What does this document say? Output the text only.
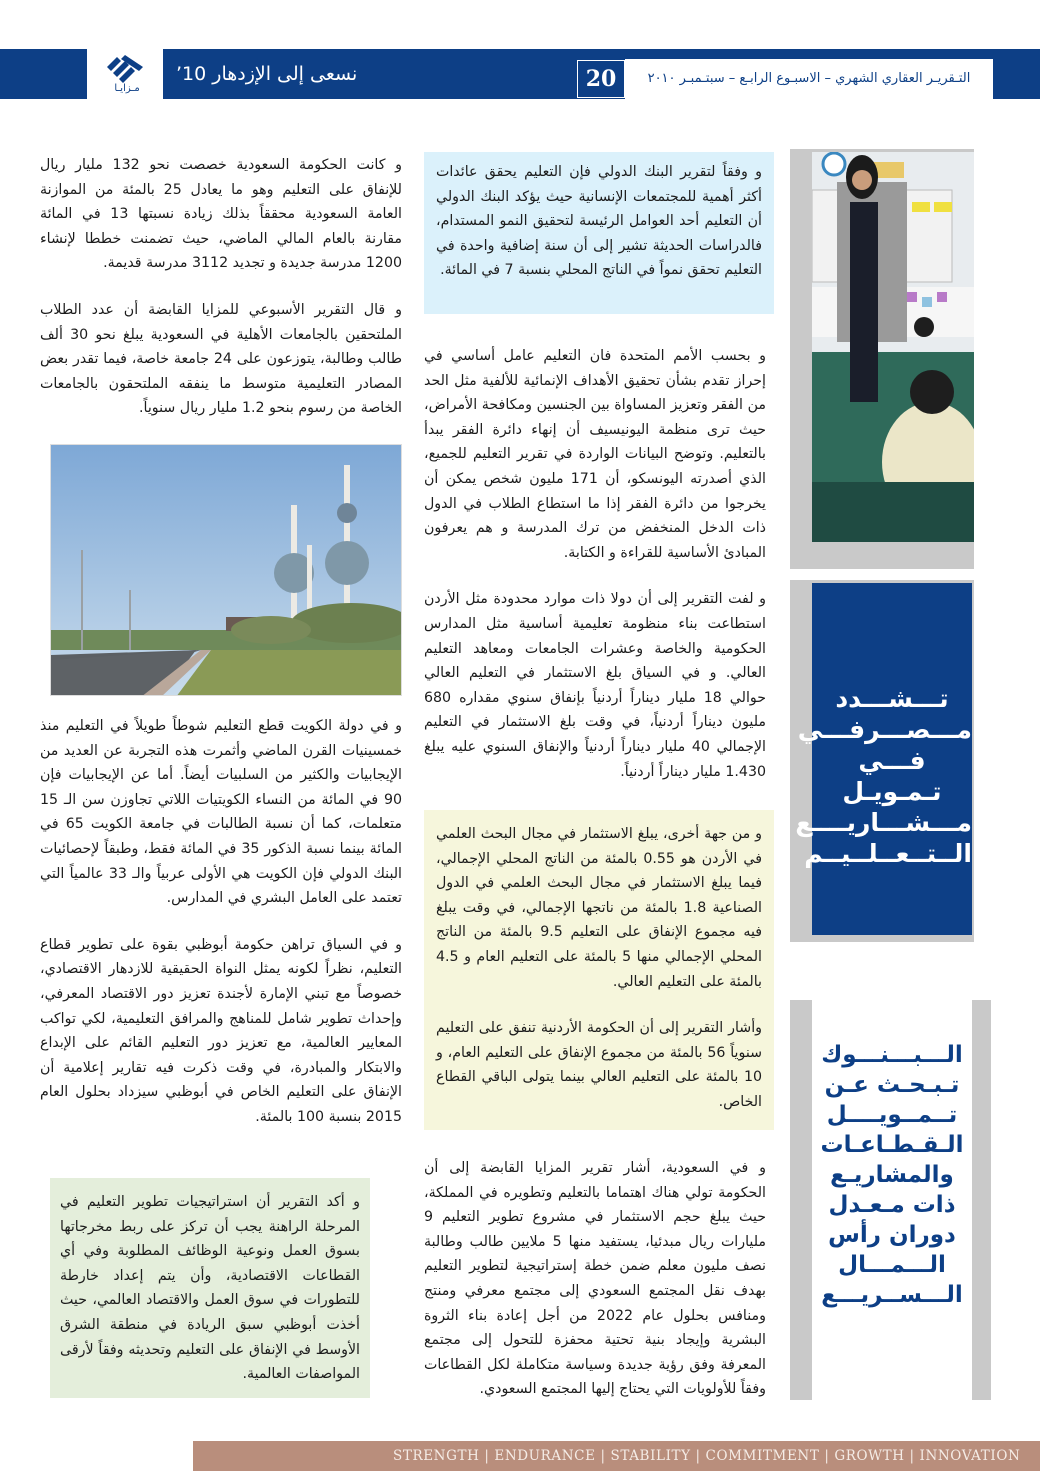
مـزايـا
نسعى إلى الإزدهار 10’	20	التـقريـر العقاري الشهري – الاسبـوع الرابـع – سبتـمبـر ٢٠١٠

و كانت الحكومة السعودية خصصت نحو 132 مليار ريال للإنفاق على التعليم وهو ما يعادل 25 بالمئة من الموازنة العامة السعودية محققاً بذلك زيادة نسبتها 13 في المائة مقارنة بالعام المالي الماضي، حيث تضمنت خططا لإنشاء 1200 مدرسة جديدة و تجديد 3112 مدرسة قديمة.

و قال التقرير الأسبوعي للمزايا القابضة أن عدد الطلاب الملتحقين بالجامعات الأهلية في السعودية يبلغ نحو 30 ألف طالب وطالبة، يتوزعون على 24 جامعة خاصة، فيما تقدر بعض المصادر التعليمية متوسط ما ينفقه الملتحقون بالجامعات الخاصة من رسوم بنحو 1.2 مليار ريال سنوياً.

و في دولة الكويت قطع التعليم شوطاً طويلاً في التعليم منذ خمسينيات القرن الماضي وأثمرت هذه التجربة عن العديد من الإيجابيات والكثير من السلبيات أيضاً. أما عن الإيجابيات فإن 90 في المائة من النساء الكويتيات اللاتي تجاوزن سن الـ 15 متعلمات، كما أن نسبة الطالبات في جامعة الكويت 65 في المائة بينما نسبة الذكور 35 في المائة فقط، وطبقاً لإحصائيات البنك الدولي فإن الكويت هي الأولى عربياً والـ 33 عالمياً التي تعتمد على العامل البشري في المدارس.

و في السياق تراهن حكومة أبوظبي بقوة على تطوير قطاع التعليم، نظراً لكونه يمثل النواة الحقيقية للازدهار الاقتصادي، خصوصاً مع تبني الإمارة لأجندة تعزيز دور الاقتصاد المعرفي، وإحداث تطوير شامل للمناهج والمرافق التعليمية، لكي تواكب المعايير العالمية، مع تعزيز دور التعليم القائم على الإبداع والابتكار والمبادرة، في وقت ذكرت فيه تقارير إعلامية أن الإنفاق على التعليم الخاص في أبوظبي سيزداد بحلول العام 2015 بنسبة 100 بالمئة.

و أكد التقرير أن استراتيجيات تطوير التعليم في المرحلة الراهنة يجب أن تركز على ربط مخرجاتها بسوق العمل ونوعية الوظائف المطلوبة وفي أي القطاعات الاقتصادية، وأن يتم إعداد خارطة للتطورات في سوق العمل والاقتصاد العالمي، حيث أخذت أبوظبي سبق الريادة في منطقة الشرق الأوسط في الإنفاق على التعليم وتحديثه وفقاً لأرقى المواصفات العالمية.
و وفقاً لتقرير البنك الدولي فإن التعليم يحقق عائدات أكثر أهمية للمجتمعات الإنسانية حيث يؤكد البنك الدولي أن التعليم أحد العوامل الرئيسة لتحقيق النمو المستدام، فالدراسات الحديثة تشير إلى أن سنة إضافية واحدة في التعليم تحقق نمواً في الناتج المحلي بنسبة 7 في المائة.

و بحسب الأمم المتحدة فان التعليم عامل أساسي في إحراز تقدم بشأن تحقيق الأهداف الإنمائية للألفية مثل الحد من الفقر وتعزيز المساواة بين الجنسين ومكافحة الأمراض، حيث ترى منظمة اليونيسيف أن إنهاء دائرة الفقر يبدأ بالتعليم. وتوضح البيانات الواردة في تقرير التعليم للجميع، الذي أصدرته اليونسكو، أن 171 مليون شخص يمكن أن يخرجوا من دائرة الفقر إذا ما استطاع الطلاب في الدول ذات الدخل المنخفض من ترك المدرسة و هم يعرفون المبادئ الأساسية للقراءة و الكتابة.

و لفت التقرير إلى أن دولا ذات موارد محدودة مثل الأردن استطاعت بناء منظومة تعليمية أساسية مثل المدارس الحكومية والخاصة وعشرات الجامعات ومعاهد التعليم العالي. و في السياق بلغ الاستثمار في التعليم العالي حوالي 18 مليار ديناراً أردنياً بإنفاق سنوي مقداره 680 مليون ديناراً أردنياً، في وقت بلغ الاستثمار في التعليم الإجمالي 40 مليار ديناراً أردنياً والإنفاق السنوي عليه يبلغ 1.430 مليار ديناراً أردنياً.

و من جهة أخرى، يبلغ الاستثمار في مجال البحث العلمي في الأردن هو 0.55 بالمئة من الناتج المحلي الإجمالي، فيما يبلغ الاستثمار في مجال البحث العلمي في الدول الصناعية 1.8 بالمئة من ناتجها الإجمالي، في وقت يبلغ فيه مجموع الإنفاق على التعليم 9.5 بالمئة من الناتج المحلي الإجمالي منها 5 بالمئة على التعليم العام و 4.5 بالمئة على التعليم العالي.

وأشار التقرير إلى أن الحكومة الأردنية تنفق على التعليم سنوياً 56 بالمئة من مجموع الإنفاق على التعليم العام، و 10 بالمئة على التعليم العالي بينما يتولى الباقي القطاع الخاص.

و في السعودية، أشار تقرير المزايا القابضة إلى أن الحكومة تولي هناك اهتماما بالتعليم وتطويره في المملكة، حيث يبلغ حجم الاستثمار في مشروع تطوير التعليم 9 مليارات ريال مبدئيا، يستفيد منها 5 ملايين طالب وطالبة نصف مليون معلم ضمن خطة إستراتيجية لتطوير التعليم بهدف نقل المجتمع السعودي إلى مجتمع معرفي ومنتج ومنافس بحلول عام 2022 من أجل إعادة بناء الثروة البشرية وإيجاد بنية تحتية محفزة للتحول إلى مجتمع المعرفة وفق رؤية جديدة وسياسة متكاملة لكل القطاعات وفقاً للأولويات التي يحتاج إليها المجتمع السعودي.

تـــشـــدد
مـــصـــرفـــي
فـــي تـمـويـل
مـــشـــاريــــع
الــتــعــلــيــم
الـــبـــنـــوك
تـبـحـث عـن
تــمــويــــل
الـقـطـاعـات
والمشاريـع
ذات مـعـدل
دوران رأس
الـــمـــال
الـــســريـــع
STRENGTH | ENDURANCE | STABILITY | COMMITMENT | GROWTH | INNOVATION
